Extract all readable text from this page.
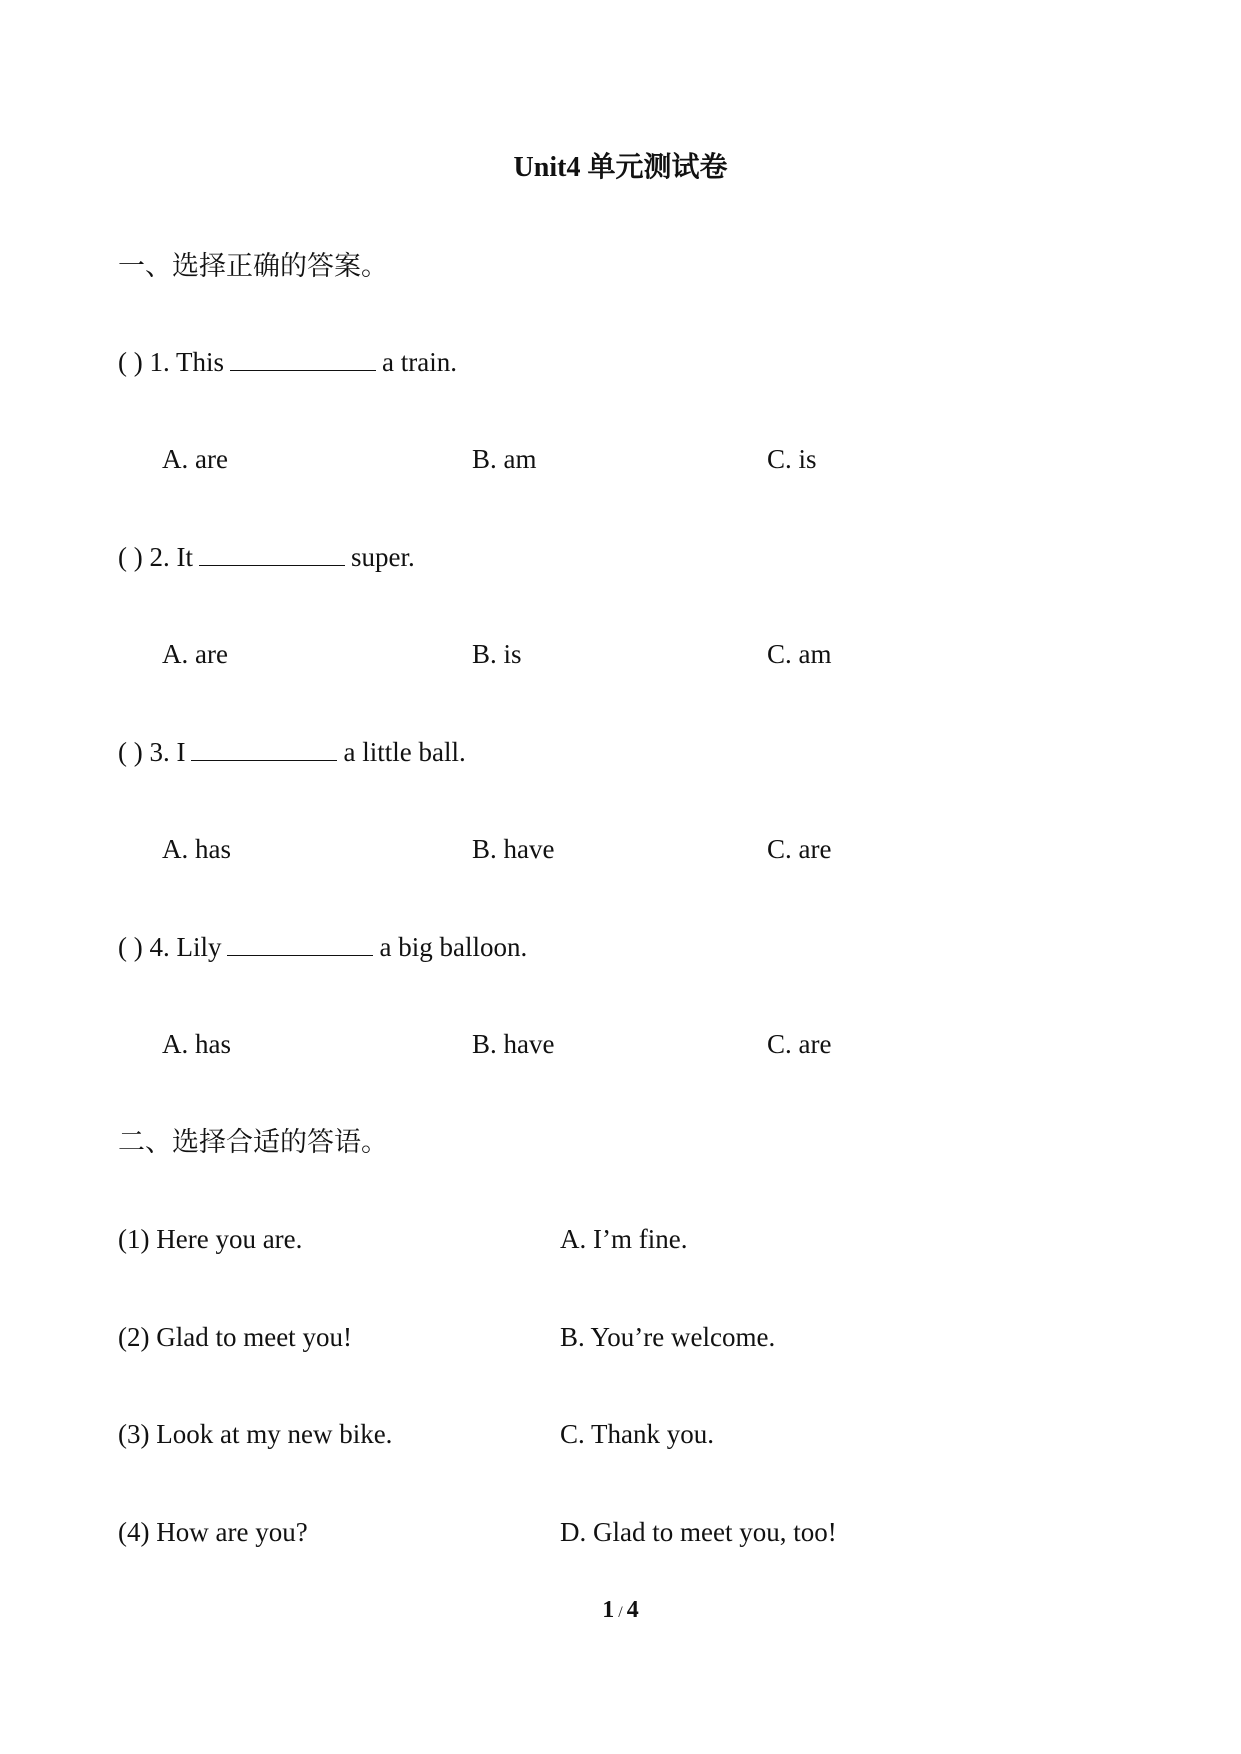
Unit4 单元测试卷
一、选择正确的答案。
( ) 1. This	a train.
A. are	B. am	C. is
( ) 2. It	super.
A. are	B. is	C. am
( ) 3. I	a little ball.
A. has	B. have	C. are
( ) 4. Lily	a big balloon.
A. has	B. have	C. are
二、选择合适的答语。
(1) Here you are.	A. I’m fine.
(2) Glad to meet you!	B. You’re welcome.
(3) Look at my new bike.	C. Thank you.
(4) How are you?	D. Glad to meet you, too!
1 / 4
